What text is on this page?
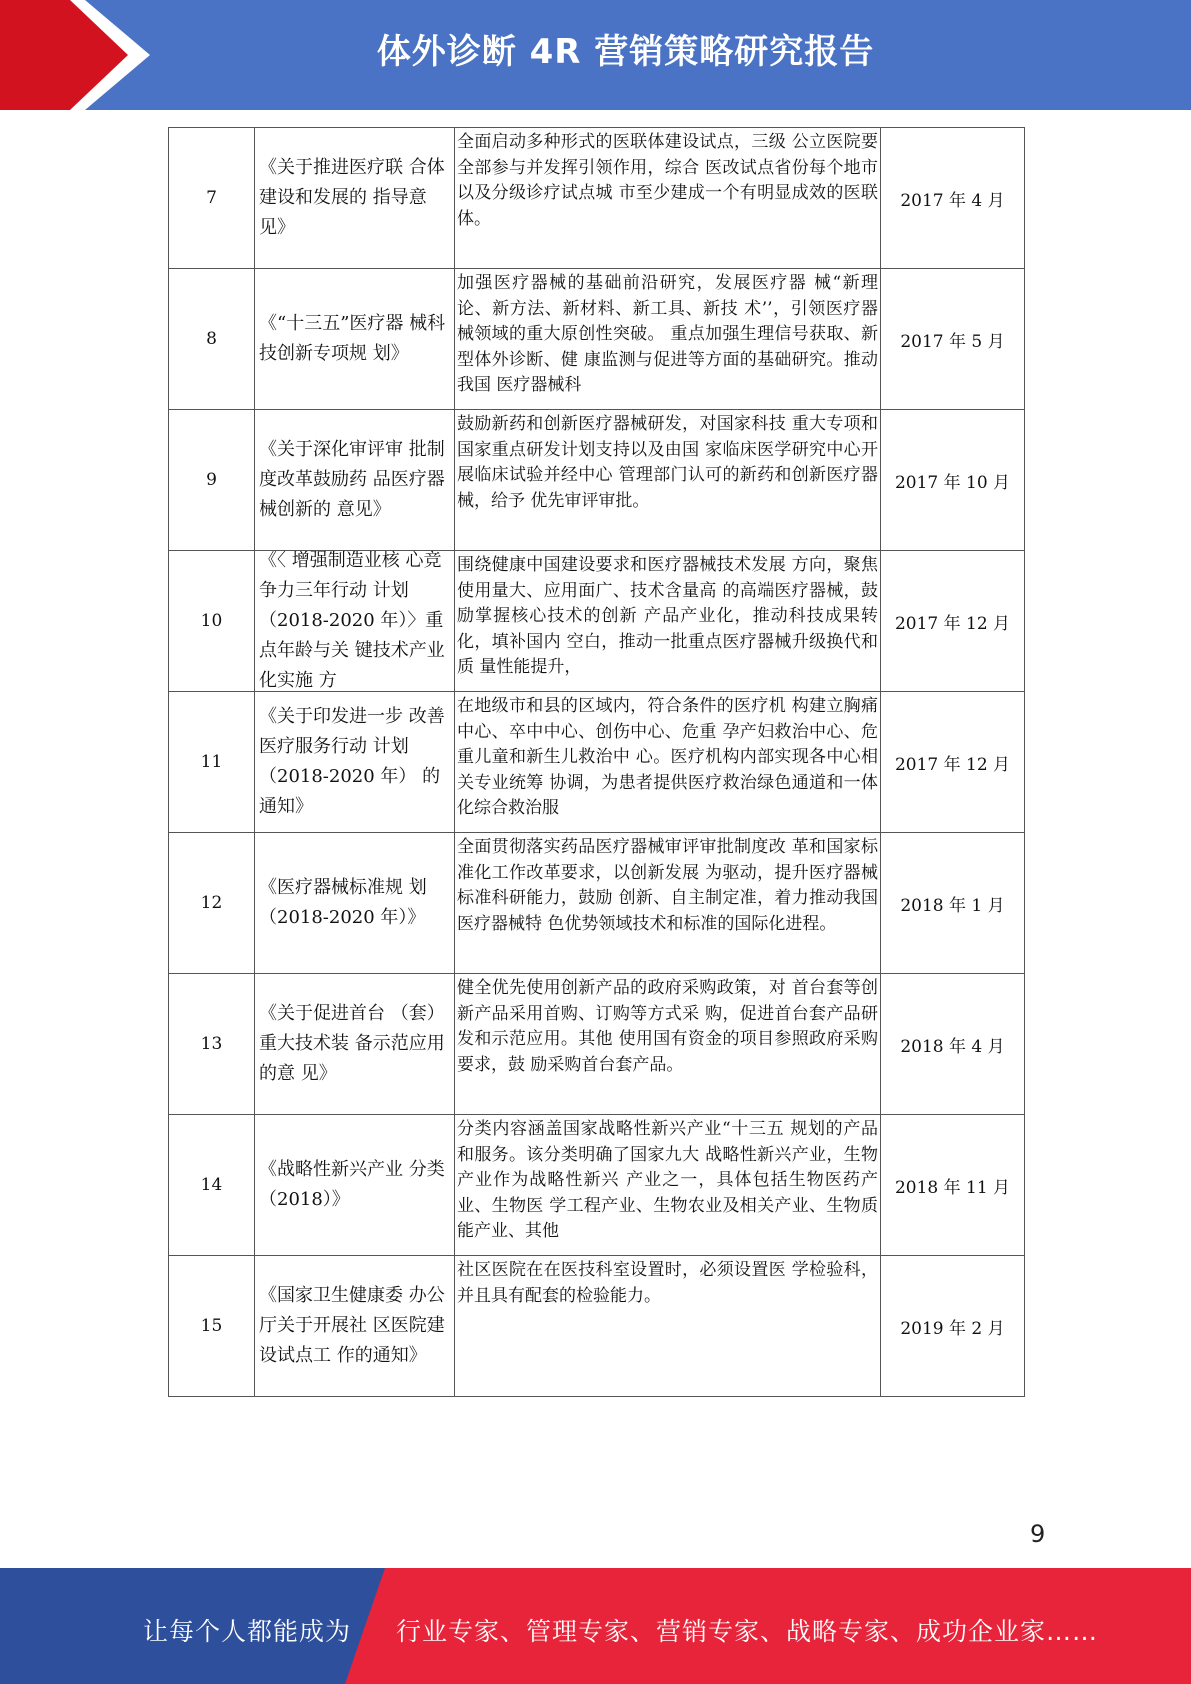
体外诊断 4R 营销策略研究报告
7	《关于推进医疗联 合体建设和发展的 指导意见》	全面启动多种形式的医联体建设试点，三级 公立医院要全部参与并发挥引领作用，综合 医改试点省份每个地市以及分级诊疗试点城 市至少建成一个有明显成效的医联体。	2017 年 4 月
8	《“十三五”医疗器 械科技创新专项规 划》	加强医疗器械的基础前沿研究，发展医疗器 械“新理论、新方法、新材料、新工具、新技 术’’，引领医疗器械领域的重大原创性突破。 重点加强生理信号获取、新型体外诊断、健 康监测与促进等方面的基础研究。推动我国 医疗器械科	2017 年 5 月
9	《关于深化审评审 批制度改革鼓励药 品医疗器械创新的 意见》	鼓励新药和创新医疗器械研发，对国家科技 重大专项和国家重点研发计划支持以及由国 家临床医学研究中心开展临床试验并经中心 管理部门认可的新药和创新医疗器械，给予 优先审评审批。	2017 年 10 月
10	《〈 增强制造业核 心竞争力三年行动 计划 （2018-2020 年）〉重点年龄与关 键技术产业化实施 方	围绕健康中国建设要求和医疗器械技术发展 方向，聚焦使用量大、应用面广、技术含量高 的高端医疗器械，鼓励掌握核心技术的创新 产品产业化，推动科技成果转化，填补国内 空白，推动一批重点医疗器械升级换代和质 量性能提升，	2017 年 12 月
11	《关于印发进一步 改善医疗服务行动 计划（2018-2020 年） 的通知》	在地级市和县的区域内，符合条件的医疗机 构建立胸痛中心、卒中中心、创伤中心、危重 孕产妇救治中心、危重儿童和新生儿救治中 心。医疗机构内部实现各中心相关专业统筹 协调，为患者提供医疗救治绿色通道和一体 化综合救治服	2017 年 12 月
12	《医疗器械标准规 划（2018-2020 年）》	全面贯彻落实药品医疗器械审评审批制度改 革和国家标准化工作改革要求，以创新发展 为驱动，提升医疗器械标准科研能力，鼓励 创新、自主制定准，着力推动我国医疗器械特 色优势领域技术和标准的国际化进程。	2018 年 1 月
13	《关于促进首台 （套）重大技术装 备示范应用的意 见》	健全优先使用创新产品的政府采购政策，对 首台套等创新产品采用首购、订购等方式采 购，促进首台套产品研发和示范应用。其他 使用国有资金的项目参照政府采购要求，鼓 励采购首台套产品。	2018 年 4 月
14	《战略性新兴产业 分类（2018）》	分类内容涵盖国家战略性新兴产业“十三五 规划的产品和服务。该分类明确了国家九大 战略性新兴产业，生物产业作为战略性新兴 产业之一，具体包括生物医药产业、生物医 学工程产业、生物农业及相关产业、生物质 能产业、其他	2018 年 11 月
15	《国家卫生健康委 办公厅关于开展社 区医院建设试点工 作的通知》	社区医院在在医技科室设置时，必须设置医 学检验科，并且具有配套的检验能力。	2019 年 2 月
9
让每个人都能成为 行业专家、管理专家、营销专家、战略专家、成功企业家……
